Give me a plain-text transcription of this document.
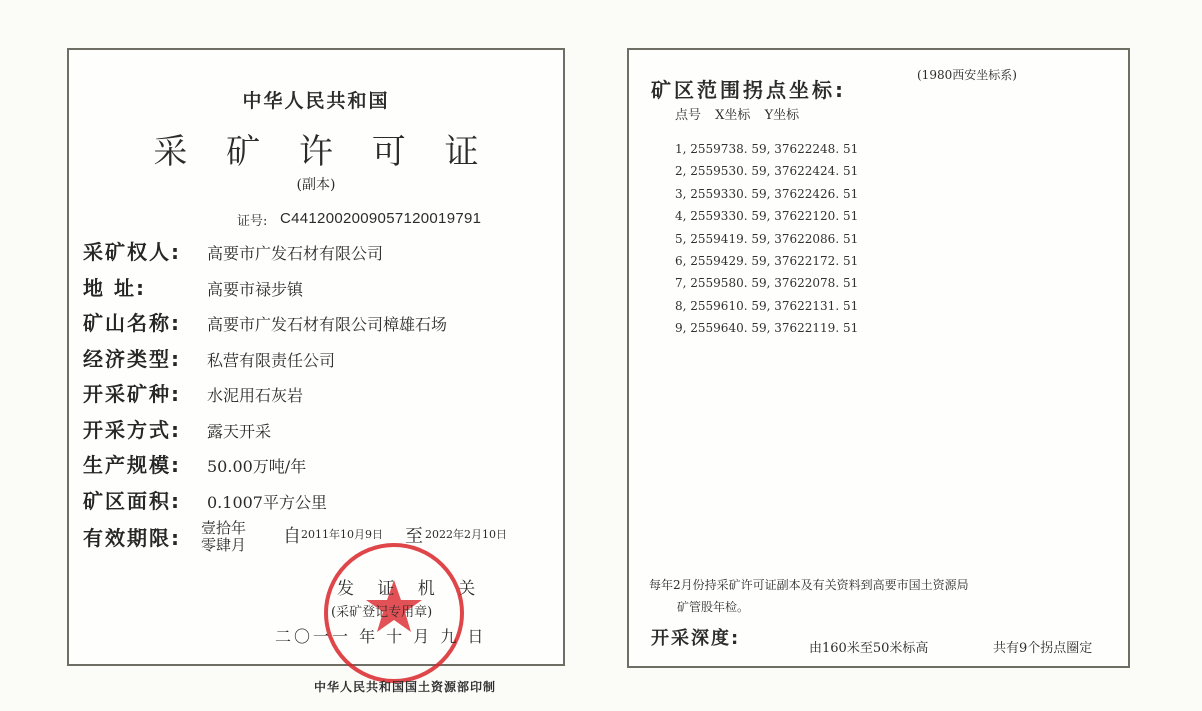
中华人民共和国
采 矿 许 可 证
(副本)
证号: C4412002009057120019791
采矿权人: 高要市广发石材有限公司
地 址:	高要市禄步镇
矿山名称: 高要市广发石材有限公司樟雄石场
经济类型: 私营有限责任公司
开采矿种: 水泥用石灰岩
开采方式: 露天开采
生产规模: 50.00万吨/年
矿区面积: 0.1007平方公里
有效期限: 壹拾年
零肆月 自 2011年10月9日 至 2022年2月10日
发 证 机 关
(采矿登记专用章)
二〇一一 年 十 月 九 日
中华人民共和国国土资源部印制
矿区范围拐点坐标:
(1980西安坐标系)
点号 X坐标 Y坐标
1, 2559738. 59, 37622248. 51
2, 2559530. 59, 37622424. 51
3, 2559330. 59, 37622426. 51
4, 2559330. 59, 37622120. 51
5, 2559419. 59, 37622086. 51
6, 2559429. 59, 37622172. 51
7, 2559580. 59, 37622078. 51
8, 2559610. 59, 37622131. 51
9, 2559640. 59, 37622119. 51
每年2月份持采矿许可证副本及有关资料到高要市国土资源局
矿管股年检。
开采深度:	由160米至50米标高	共有9个拐点圈定
